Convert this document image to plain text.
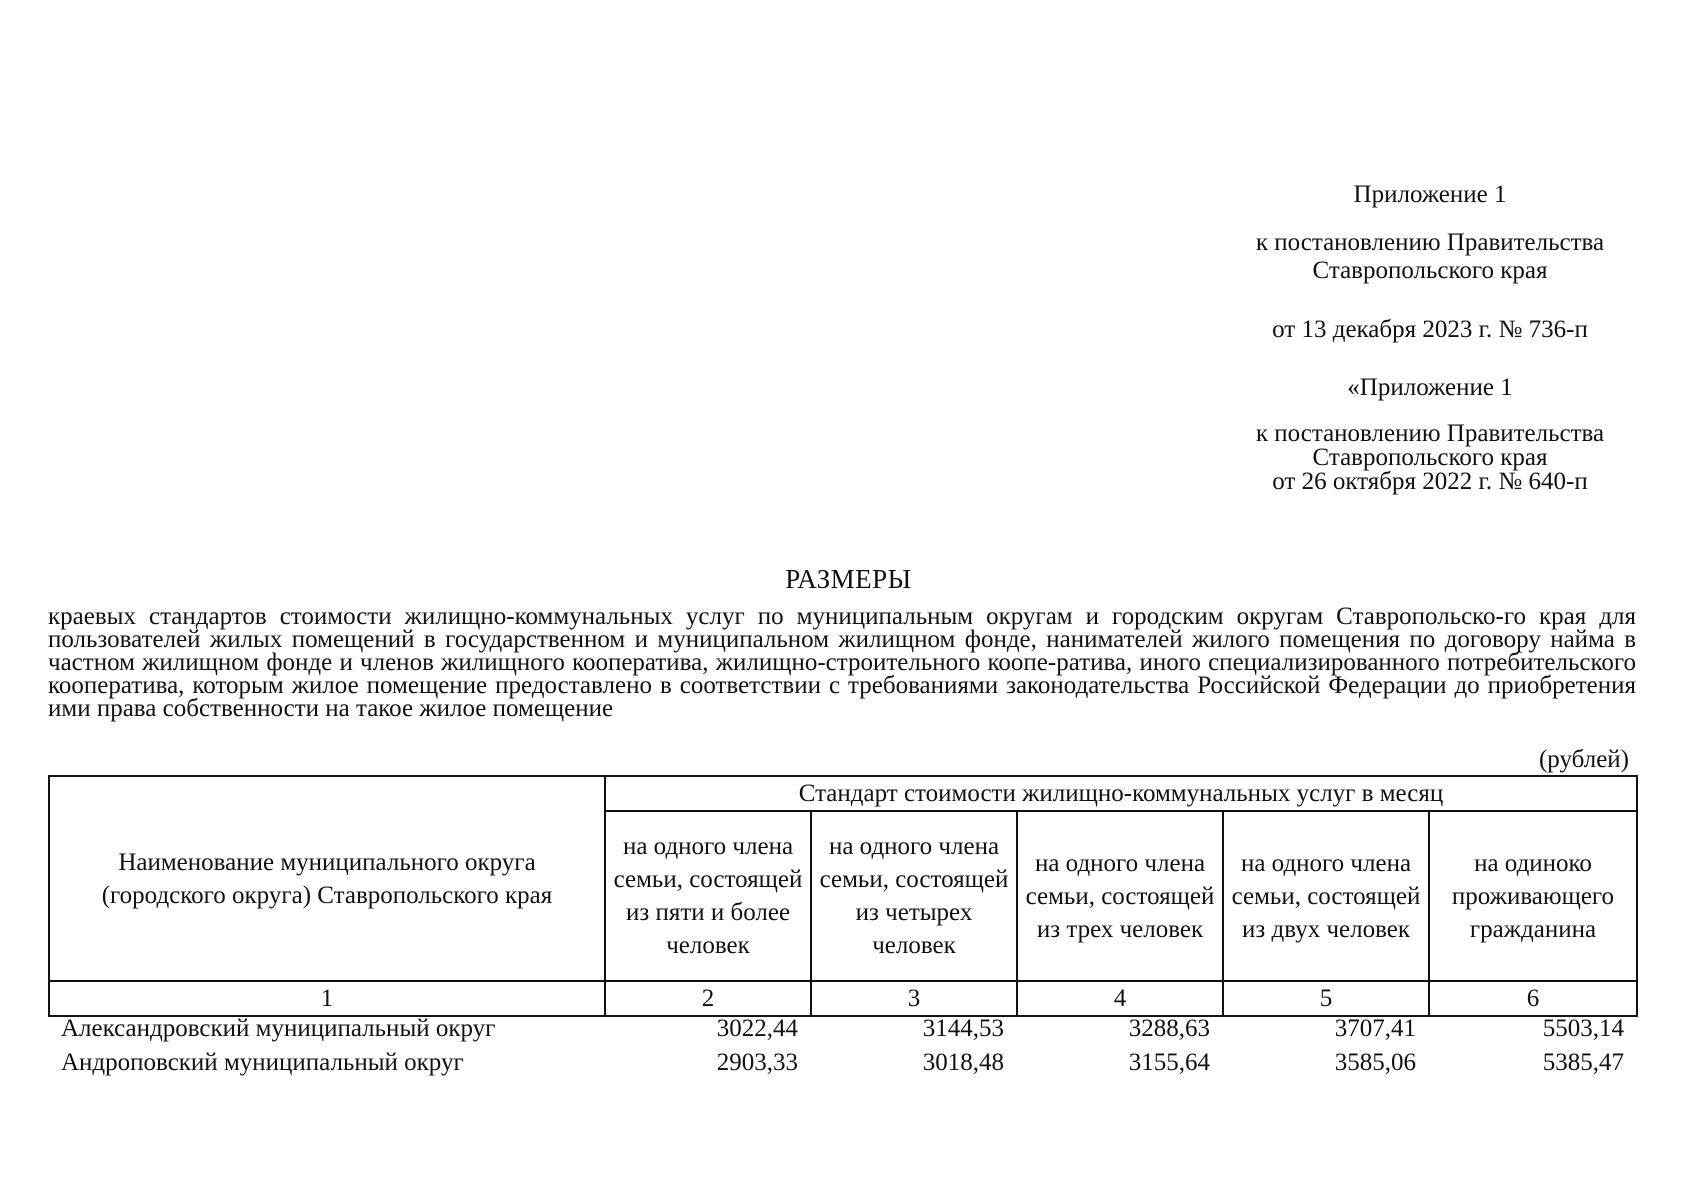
Приложение 1
к постановлению Правительства
Ставропольского края
от 13 декабря 2023 г. № 736-п
«Приложение 1
к постановлению Правительства
Ставропольского края
от 26 октября 2022 г. № 640-п
РАЗМЕРЫ
краевых стандартов стоимости жилищно-коммунальных услуг по муниципальным округам и городским округам Ставропольско-го края для пользователей жилых помещений в государственном и муниципальном жилищном фонде, нанимателей жилого помещения по договору найма в частном жилищном фонде и членов жилищного кооператива, жилищно-строительного коопе-ратива, иного специализированного потребительского кооператива, которым жилое помещение предоставлено в соответствии с требованиями законодательства Российской Федерации до приобретения ими права собственности на такое жилое помещение
(рублей)
Наименование муниципального округа (городского округа) Ставропольского края	Стандарт стоимости жилищно-коммунальных услуг в месяц				
	на одного члена семьи, состоящей из пяти и более человек	на одного члена семьи, состоящей из четырех человек	на одного члена семьи, состоящей из трех человек	на одного члена семьи, состоящей из двух человек	на одиноко проживающего гражданина
1	2	3	4	5	6
Александровский муниципальный округ	3022,44	3144,53	3288,63	3707,41	5503,14
Андроповский муниципальный округ	2903,33	3018,48	3155,64	3585,06	5385,47
